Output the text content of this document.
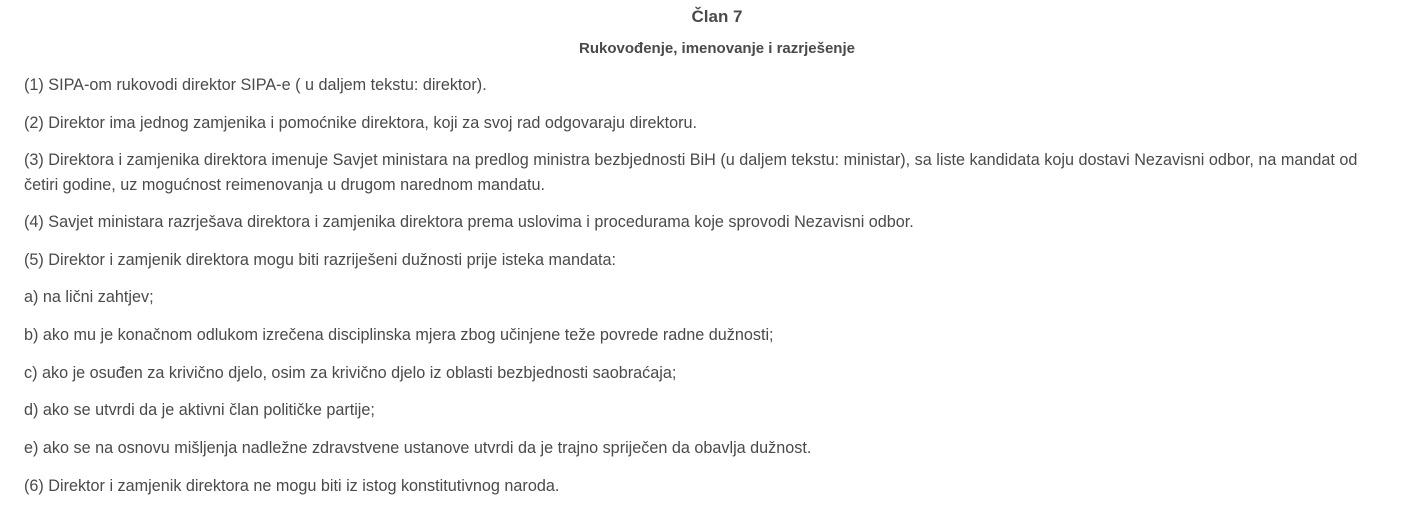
Član 7
Rukovođenje, imenovanje i razrješenje

(1) SIPA-om rukovodi direktor SIPA-e ( u daljem tekstu: direktor).

(2) Direktor ima jednog zamjenika i pomoćnike direktora, koji za svoj rad odgovaraju direktoru.

(3) Direktora i zamjenika direktora imenuje Savjet ministara na predlog ministra bezbjednosti BiH (u daljem tekstu: ministar), sa liste kandidata koju dostavi Nezavisni odbor, na mandat od četiri godine, uz mogućnost reimenovanja u drugom narednom mandatu.

(4) Savjet ministara razrješava direktora i zamjenika direktora prema uslovima i procedurama koje sprovodi Nezavisni odbor.

(5) Direktor i zamjenik direktora mogu biti razriješeni dužnosti prije isteka mandata:

a) na lični zahtjev;

b) ako mu je konačnom odlukom izrečena disciplinska mjera zbog učinjene teže povrede radne dužnosti;

c) ako je osuđen za krivično djelo, osim za krivično djelo iz oblasti bezbjednosti saobraćaja;

d) ako se utvrdi da je aktivni član političke partije;

e) ako se na osnovu mišljenja nadležne zdravstvene ustanove utvrdi da je trajno spriječen da obavlja dužnost.

(6) Direktor i zamjenik direktora ne mogu biti iz istog konstitutivnog naroda.
